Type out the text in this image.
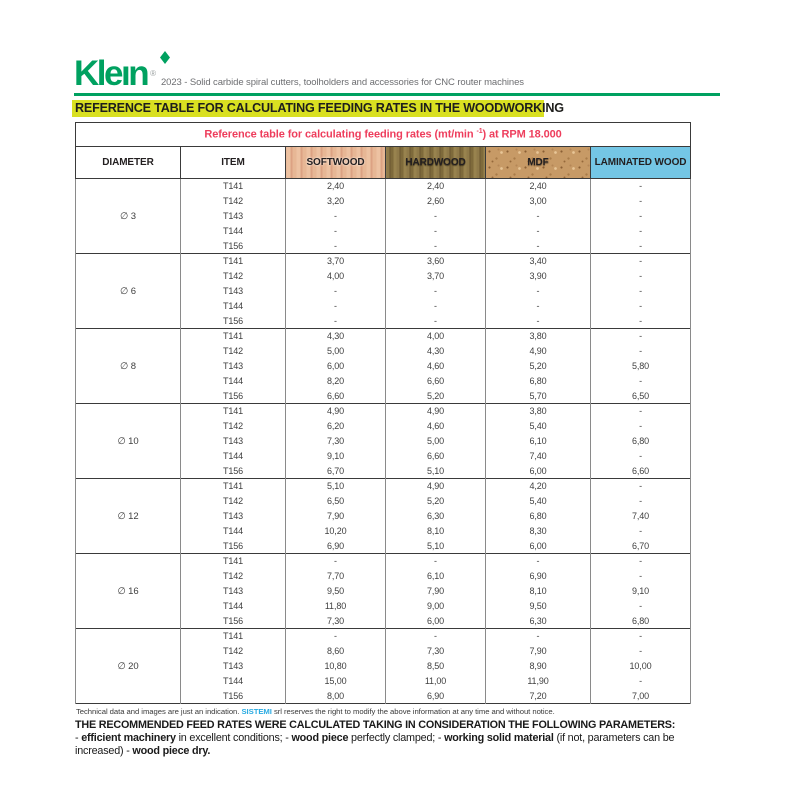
Kleın ®
2023 - Solid carbide spiral cutters, toolholders and accessories for CNC router machines
REFERENCE TABLE FOR CALCULATING FEEDING RATES IN THE WOODWORKING
Reference table for calculating feeding rates (mt/min $^{-1}$) at RPM 18.000					
DIAMETER	ITEM	SOFTWOOD	HARDWOOD	MDF	LAMINATED WOOD
∅ 3	T141	2,40	2,40	2,40	-
	T142	3,20	2,60	3,00	-
	T143	-	-	-	-
	T144	-	-	-	-
	T156	-	-	-	-
∅ 6	T141	3,70	3,60	3,40	-
	T142	4,00	3,70	3,90	-
	T143	-	-	-	-
	T144	-	-	-	-
	T156	-	-	-	-
∅ 8	T141	4,30	4,00	3,80	-
	T142	5,00	4,30	4,90	-
	T143	6,00	4,60	5,20	5,80
	T144	8,20	6,60	6,80	-
	T156	6,60	5,20	5,70	6,50
∅ 10	T141	4,90	4,90	3,80	-
	T142	6,20	4,60	5,40	-
	T143	7,30	5,00	6,10	6,80
	T144	9,10	6,60	7,40	-
	T156	6,70	5,10	6,00	6,60
∅ 12	T141	5,10	4,90	4,20	-
	T142	6,50	5,20	5,40	-
	T143	7,90	6,30	6,80	7,40
	T144	10,20	8,10	8,30	-
	T156	6,90	5,10	6,00	6,70
∅ 16	T141	-	-	-	-
	T142	7,70	6,10	6,90	-
	T143	9,50	7,90	8,10	9,10
	T144	11,80	9,00	9,50	-
	T156	7,30	6,00	6,30	6,80
∅ 20	T141	-	-	-	-
	T142	8,60	7,30	7,90	-
	T143	10,80	8,50	8,90	10,00
	T144	15,00	11,00	11,90	-
	T156	8,00	6,90	7,20	7,00
Technical data and images are just an indication. SISTEMI srl reserves the right to modify the above information at any time and without notice.
THE RECOMMENDED FEED RATES WERE CALCULATED TAKING IN CONSIDERATION THE FOLLOWING PARAMETERS:
- efficient machinery in excellent conditions; - wood piece perfectly clamped; - working solid material (if not, parameters can be increased) - wood piece dry.
